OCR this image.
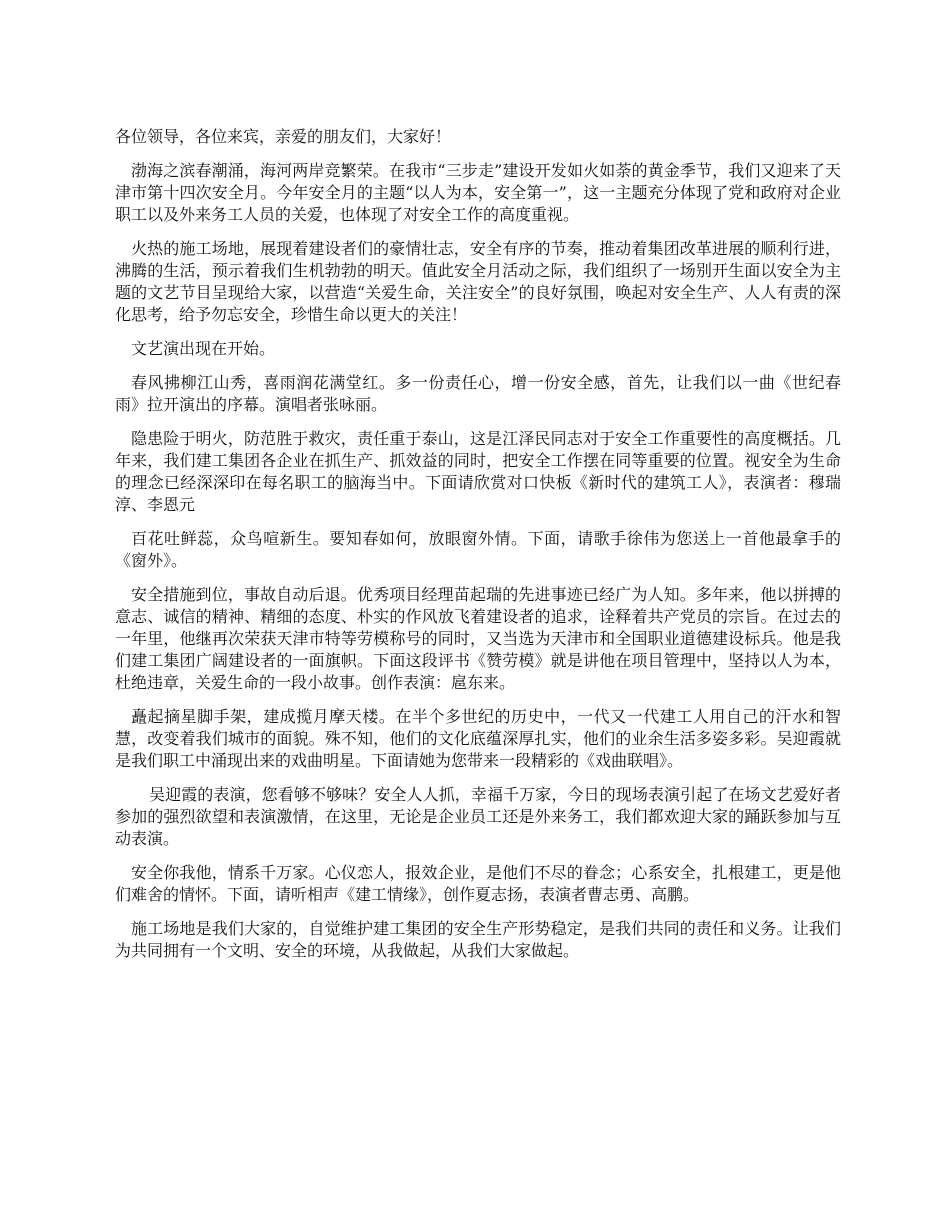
各位领导，各位来宾，亲爱的朋友们，大家好！

渤海之滨春潮涌，海河两岸竞繁荣。在我市“三步走”建设开发如火如荼的黄金季节，我们又迎来了天津市第十四次安全月。今年安全月的主题“以人为本，安全第一”，这一主题充分体现了党和政府对企业职工以及外来务工人员的关爱，也体现了对安全工作的高度重视。

火热的施工场地，展现着建设者们的豪情壮志，安全有序的节奏，推动着集团改革进展的顺利行进，沸腾的生活，预示着我们生机勃勃的明天。值此安全月活动之际，我们组织了一场别开生面以安全为主题的文艺节目呈现给大家，以营造“关爱生命，关注安全”的良好氛围，唤起对安全生产、人人有责的深化思考，给予勿忘安全，珍惜生命以更大的关注！

文艺演出现在开始。

春风拂柳江山秀，喜雨润花满堂红。多一份责任心，增一份安全感，首先，让我们以一曲《世纪春雨》拉开演出的序幕。演唱者张咏丽。

隐患险于明火，防范胜于救灾，责任重于泰山，这是江泽民同志对于安全工作重要性的高度概括。几年来，我们建工集团各企业在抓生产、抓效益的同时，把安全工作摆在同等重要的位置。视安全为生命的理念已经深深印在每名职工的脑海当中。下面请欣赏对口快板《新时代的建筑工人》，表演者：穆瑞淳、李恩元

百花吐鲜蕊，众鸟喧新生。要知春如何，放眼窗外情。下面，请歌手徐伟为您送上一首他最拿手的《窗外》。

安全措施到位，事故自动后退。优秀项目经理苗起瑞的先进事迹已经广为人知。多年来，他以拼搏的意志、诚信的精神、精细的态度、朴实的作风放飞着建设者的追求，诠释着共产党员的宗旨。在过去的一年里，他继再次荣获天津市特等劳模称号的同时，又当选为天津市和全国职业道德建设标兵。他是我们建工集团广阔建设者的一面旗帜。下面这段评书《赞劳模》就是讲他在项目管理中，坚持以人为本，杜绝违章，关爱生命的一段小故事。创作表演：扈东来。

矗起摘星脚手架，建成揽月摩天楼。在半个多世纪的历史中，一代又一代建工人用自己的汗水和智慧，改变着我们城市的面貌。殊不知，他们的文化底蕴深厚扎实，他们的业余生活多姿多彩。吴迎霞就是我们职工中涌现出来的戏曲明星。下面请她为您带来一段精彩的《戏曲联唱》。

吴迎霞的表演，您看够不够味？安全人人抓，幸福千万家，今日的现场表演引起了在场文艺爱好者参加的强烈欲望和表演激情，在这里，无论是企业员工还是外来务工，我们都欢迎大家的踊跃参加与互动表演。

安全你我他，情系千万家。心仪恋人，报效企业，是他们不尽的眷念；心系安全，扎根建工，更是他们难舍的情怀。下面，请听相声《建工情缘》，创作夏志扬，表演者曹志勇、高鹏。

施工场地是我们大家的，自觉维护建工集团的安全生产形势稳定，是我们共同的责任和义务。让我们为共同拥有一个文明、安全的环境，从我做起，从我们大家做起。
